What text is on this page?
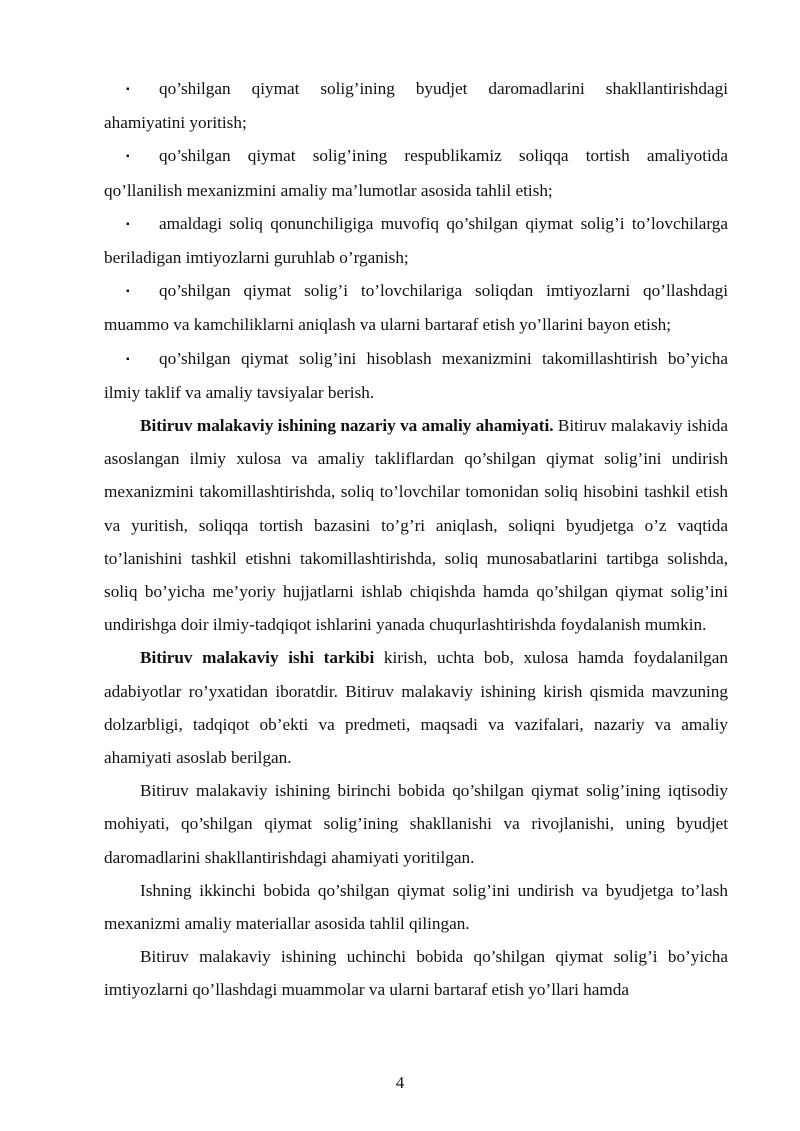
▪ qo’shilgan qiymat solig’ining byudjet daromadlarini shakllantirishdagi ahamiyatini yoritish;

▪ qo’shilgan qiymat solig’ining respublikamiz soliqqa tortish amaliyotida qo’llanilish mexanizmini amaliy ma’lumotlar asosida tahlil etish;

▪ amaldagi soliq qonunchiligiga muvofiq qo’shilgan qiymat solig’i to’lovchilarga beriladigan imtiyozlarni guruhlab o’rganish;

▪ qo’shilgan qiymat solig’i to’lovchilariga soliqdan imtiyozlarni qo’llashdagi muammo va kamchiliklarni aniqlash va ularni bartaraf etish yo’llarini bayon etish;

▪ qo’shilgan qiymat solig’ini hisoblash mexanizmini takomillashtirish bo’yicha ilmiy taklif va amaliy tavsiyalar berish.

Bitiruv malakaviy ishining nazariy va amaliy ahamiyati. Bitiruv malakaviy ishida asoslangan ilmiy xulosa va amaliy takliflardan qo’shilgan qiymat solig’ini undirish mexanizmini takomillashtirishda, soliq to’lovchilar tomonidan soliq hisobini tashkil etish va yuritish, soliqqa tortish bazasini to’g’ri aniqlash, soliqni byudjetga o’z vaqtida to’lanishini tashkil etishni takomillashtirishda, soliq munosabatlarini tartibga solishda, soliq bo’yicha me’yoriy hujjatlarni ishlab chiqishda hamda qo’shilgan qiymat solig’ini undirishga doir ilmiy-tadqiqot ishlarini yanada chuqurlashtirishda foydalanish mumkin.

Bitiruv malakaviy ishi tarkibi kirish, uchta bob, xulosa hamda foydalanilgan adabiyotlar ro’yxatidan iboratdir. Bitiruv malakaviy ishining kirish qismida mavzuning dolzarbligi, tadqiqot ob’ekti va predmeti, maqsadi va vazifalari, nazariy va amaliy ahamiyati asoslab berilgan.

Bitiruv malakaviy ishining birinchi bobida qo’shilgan qiymat solig’ining iqtisodiy mohiyati, qo’shilgan qiymat solig’ining shakllanishi va rivojlanishi, uning byudjet daromadlarini shakllantirishdagi ahamiyati yoritilgan.

Ishning ikkinchi bobida qo’shilgan qiymat solig’ini undirish va byudjetga to’lash mexanizmi amaliy materiallar asosida tahlil qilingan.

Bitiruv malakaviy ishining uchinchi bobida qo’shilgan qiymat solig’i bo’yicha imtiyozlarni qo’llashdagi muammolar va ularni bartaraf etish yo’llari hamda

4
